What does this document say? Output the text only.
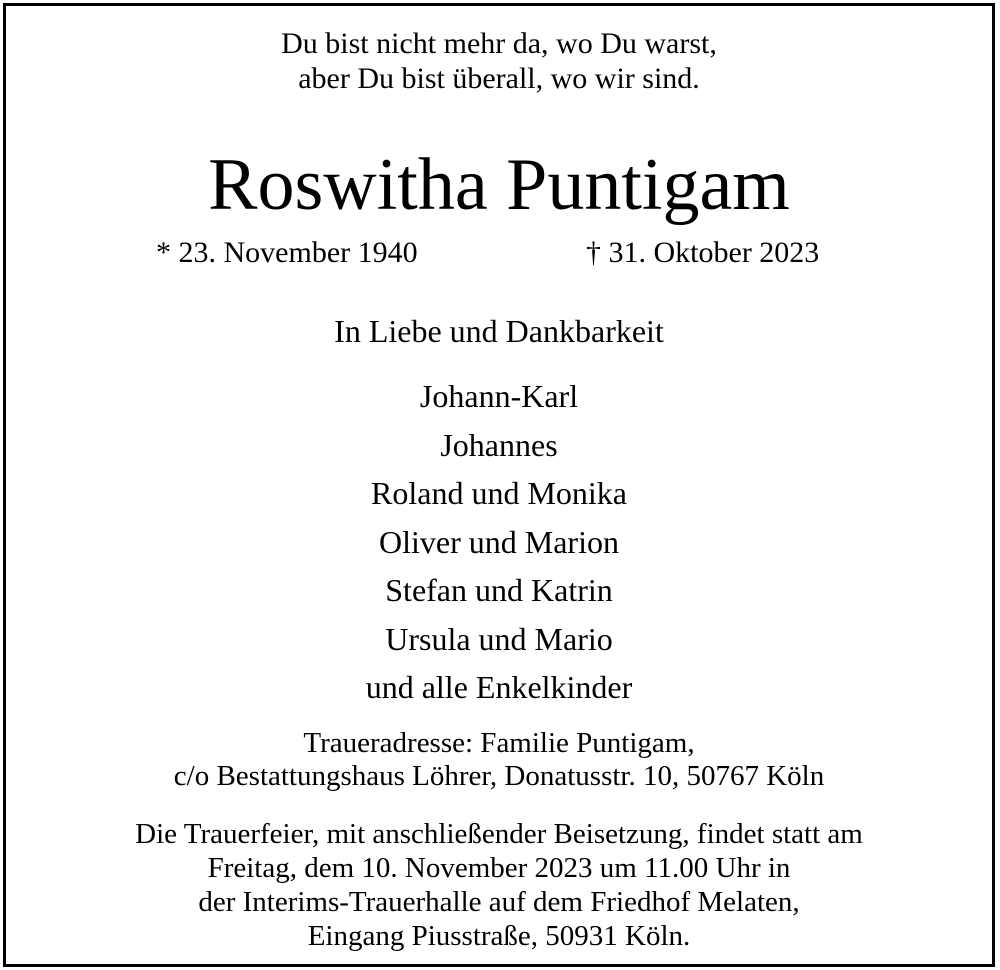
Du bist nicht mehr da, wo Du warst,
aber Du bist überall, wo wir sind.
Roswitha Puntigam
* 23. November 1940	† 31. Oktober 2023
In Liebe und Dankbarkeit
Johann-Karl
Johannes
Roland und Monika
Oliver und Marion
Stefan und Katrin
Ursula und Mario
und alle Enkelkinder
Traueradresse: Familie Puntigam,
c/o Bestattungshaus Löhrer, Donatusstr. 10, 50767 Köln
Die Trauerfeier, mit anschließender Beisetzung, findet statt am
Freitag, dem 10. November 2023 um 11.00 Uhr in
der Interims-Trauerhalle auf dem Friedhof Melaten,
Eingang Piusstraße, 50931 Köln.
